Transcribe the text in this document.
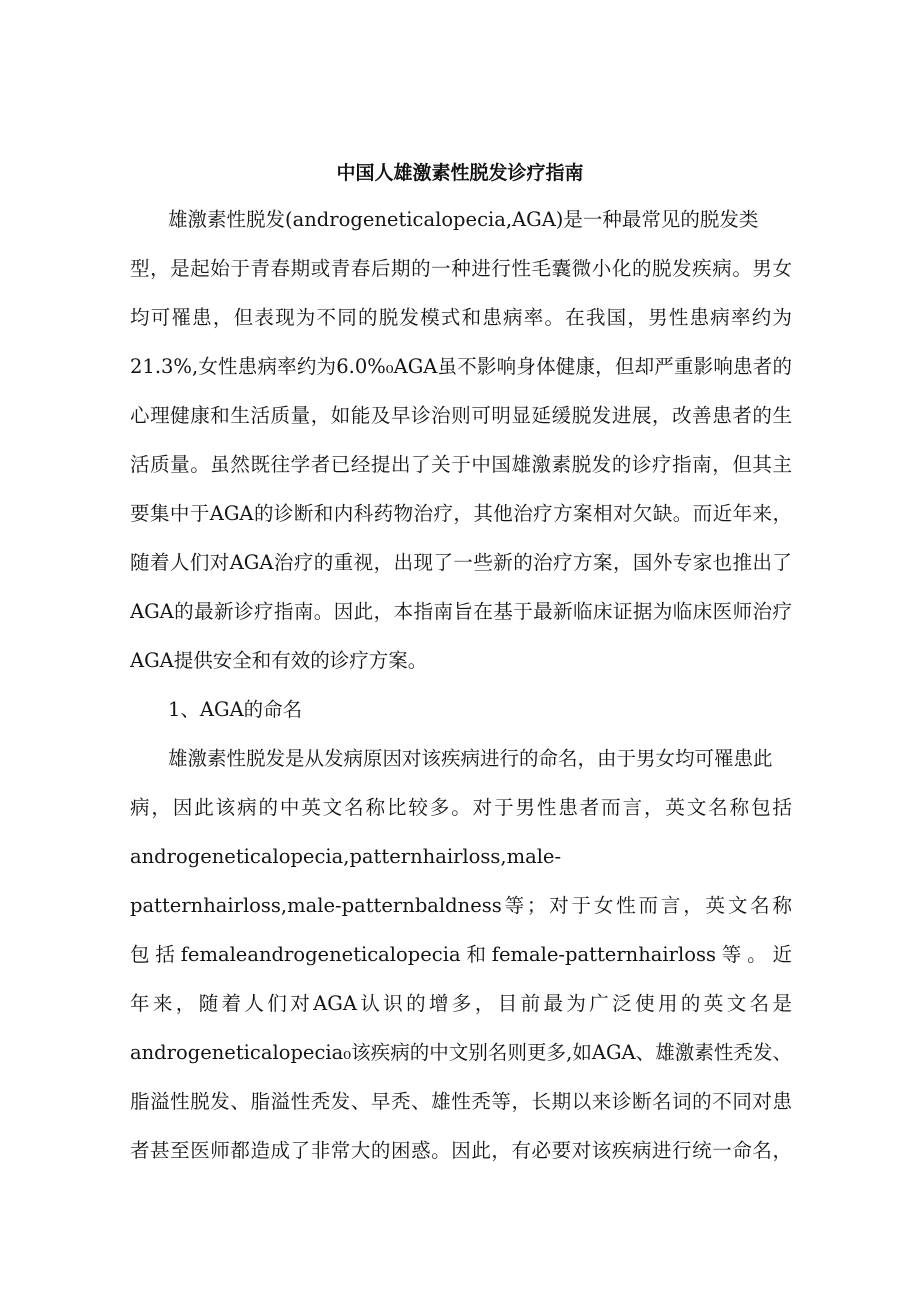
中国人雄激素性脱发诊疗指南
雄激素性脱发(androgeneticalopecia,AGA)是一种最常见的脱发类
型，是起始于青春期或青春后期的一种进行性毛囊微小化的脱发疾病。男女
均可罹患，但表现为不同的脱发模式和患病率。在我国，男性患病率约为
21.3%,女性患病率约为6.0%₀AGA虽不影响身体健康，但却严重影响患者的
心理健康和生活质量，如能及早诊治则可明显延缓脱发进展，改善患者的生
活质量。虽然既往学者已经提出了关于中国雄激素脱发的诊疗指南，但其主
要集中于AGA的诊断和内科药物治疗，其他治疗方案相对欠缺。而近年来，
随着人们对AGA治疗的重视，出现了一些新的治疗方案，国外专家也推出了
AGA的最新诊疗指南。因此，本指南旨在基于最新临床证据为临床医师治疗
AGA提供安全和有效的诊疗方案。
1、AGA的命名
雄激素性脱发是从发病原因对该疾病进行的命名，由于男女均可罹患此
病，因此该病的中英文名称比较多。对于男性患者而言，英文名称包括
androgeneticalopecia,patternhairloss,male-
patternhairloss,male-patternbaldness等；对于女性而言，英文名称
包括femaleandrogeneticalopecia和female-patternhairloss等。近
年来，随着人们对AGA认识的增多，目前最为广泛使用的英文名是
androgeneticalopecia₀该疾病的中文别名则更多,如AGA、雄激素性秃发、
脂溢性脱发、脂溢性秃发、早秃、雄性秃等，长期以来诊断名词的不同对患
者甚至医师都造成了非常大的困惑。因此，有必要对该疾病进行统一命名，
